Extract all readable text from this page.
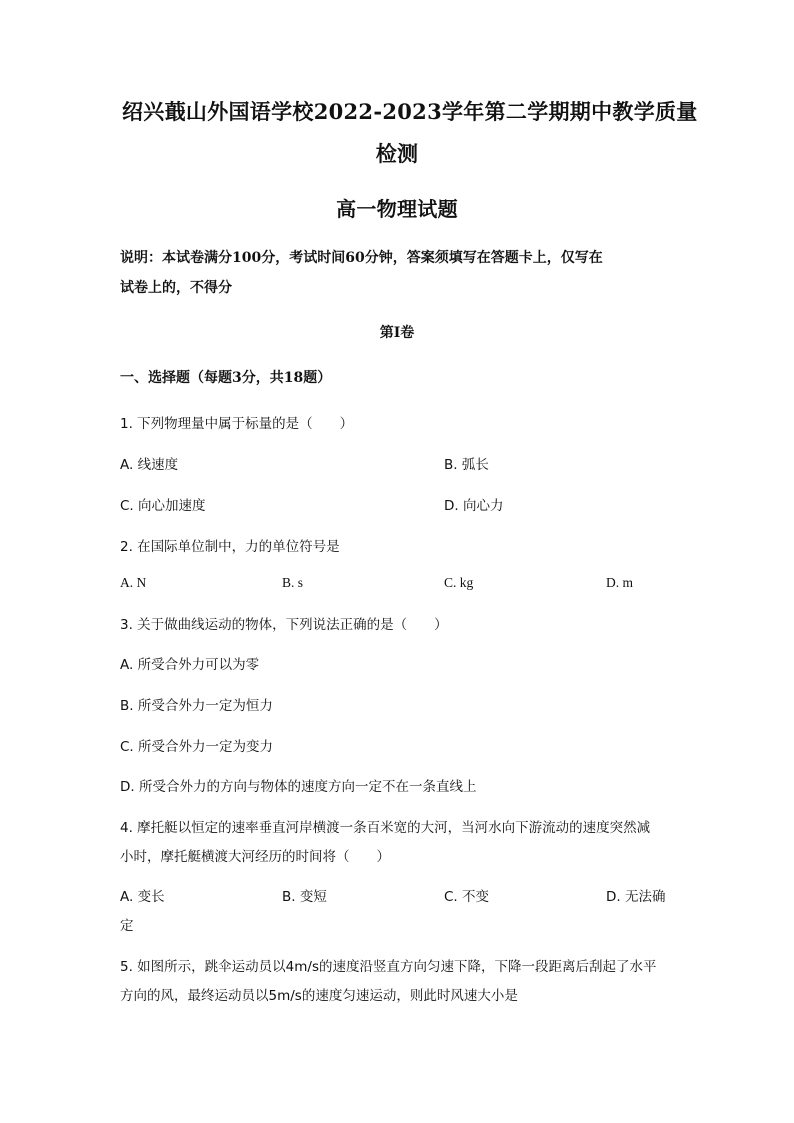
绍兴蕺山外国语学校2022-2023学年第二学期期中教学质量
检测
高一物理试题
说明：本试卷满分100分，考试时间60分钟，答案须填写在答题卡上，仅写在
试卷上的，不得分
第I卷
一、选择题（每题3分，共18题）
1. 下列物理量中属于标量的是（　　）
A. 线速度	B. 弧长
C. 向心加速度	D. 向心力
2. 在国际单位制中，力的单位符号是
A. N	B. s	C. kg	D. m
3. 关于做曲线运动的物体，下列说法正确的是（　　）
A. 所受合外力可以为零
B. 所受合外力一定为恒力
C. 所受合外力一定为变力
D. 所受合外力的方向与物体的速度方向一定不在一条直线上
4. 摩托艇以恒定的速率垂直河岸横渡一条百米宽的大河，当河水向下游流动的速度突然减
小时，摩托艇横渡大河经历的时间将（　　）
A. 变长	B. 变短	C. 不变	D. 无法确
定
5. 如图所示，跳伞运动员以4m/s的速度沿竖直方向匀速下降，下降一段距离后刮起了水平
方向的风，最终运动员以5m/s的速度匀速运动，则此时风速大小是
